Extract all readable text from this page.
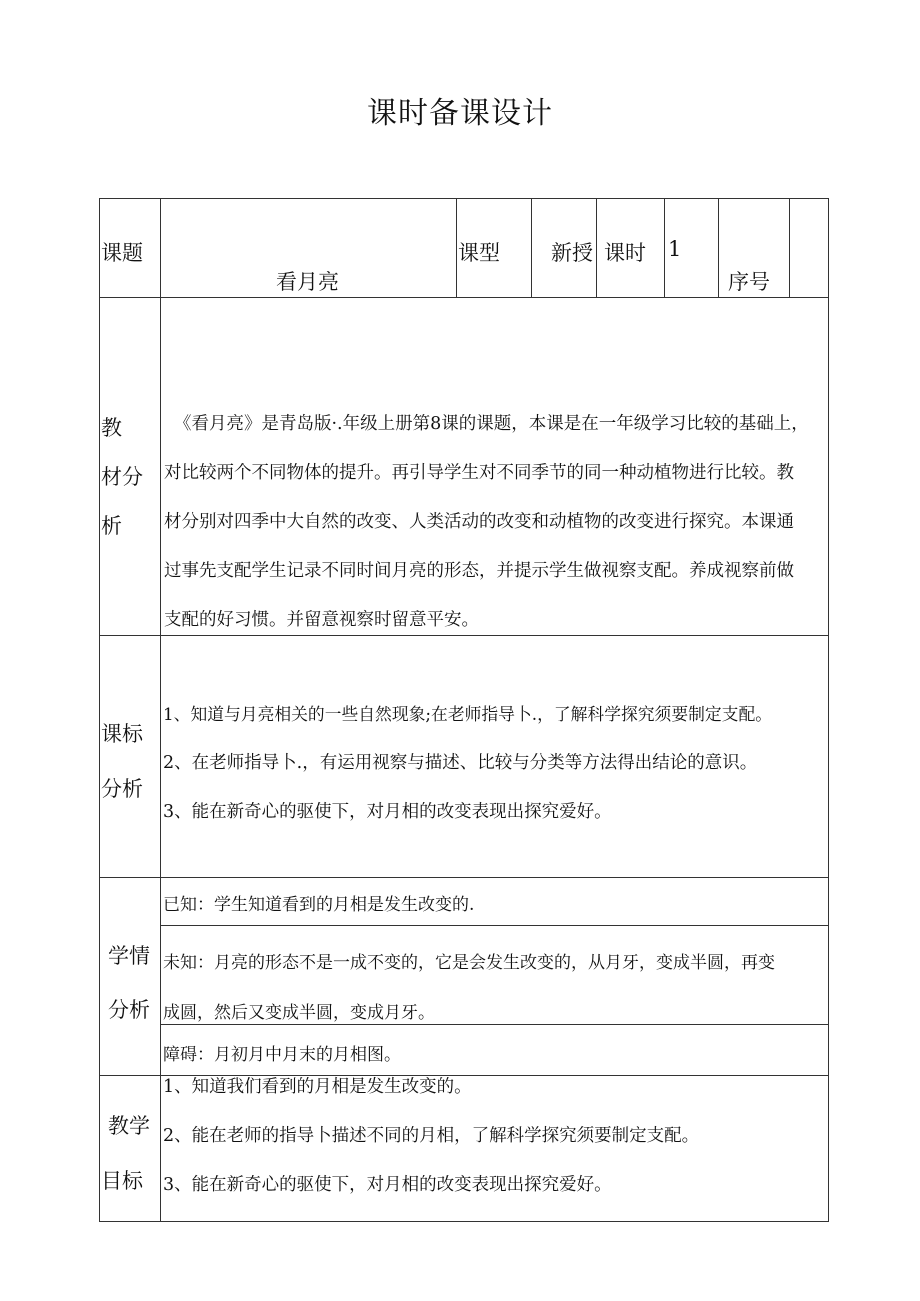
课时备课设计
课题
看月亮
课型 新授 课时 1
序号
教
材分
析

《看月亮》是青岛版·.年级上册第8课的课题，本课是在一年级学习比较的基础上，

对比较两个不同物体的提升。再引导学生对不同季节的同一种动植物进行比较。教

材分别对四季中大自然的改变、人类活动的改变和动植物的改变进行探究。本课通

过事先支配学生记录不同时间月亮的形态，并提示学生做视察支配。养成视察前做

支配的好习惯。并留意视察时留意平安。

课标
分析

1、知道与月亮相关的一些自然现象;在老师指导卜.，了解科学探究须要制定支配。

2、在老师指导卜.，有运用视察与描述、比较与分类等方法得出结论的意识。

3、能在新奇心的驱使下，对月相的改变表现出探究爱好。

学情
分析
已知：学生知道看到的月相是发生改变的.
未知：月亮的形态不是一成不变的，它是会发生改变的，从月牙，变成半圆，再变
成圆，然后又变成半圆，变成月牙。
障碍：月初月中月末的月相图。
教学
目标

1、知道我们看到的月相是发生改变的。

2、能在老师的指导卜描述不同的月相，了解科学探究须要制定支配。

3、能在新奇心的驱使下，对月相的改变表现出探究爱好。
